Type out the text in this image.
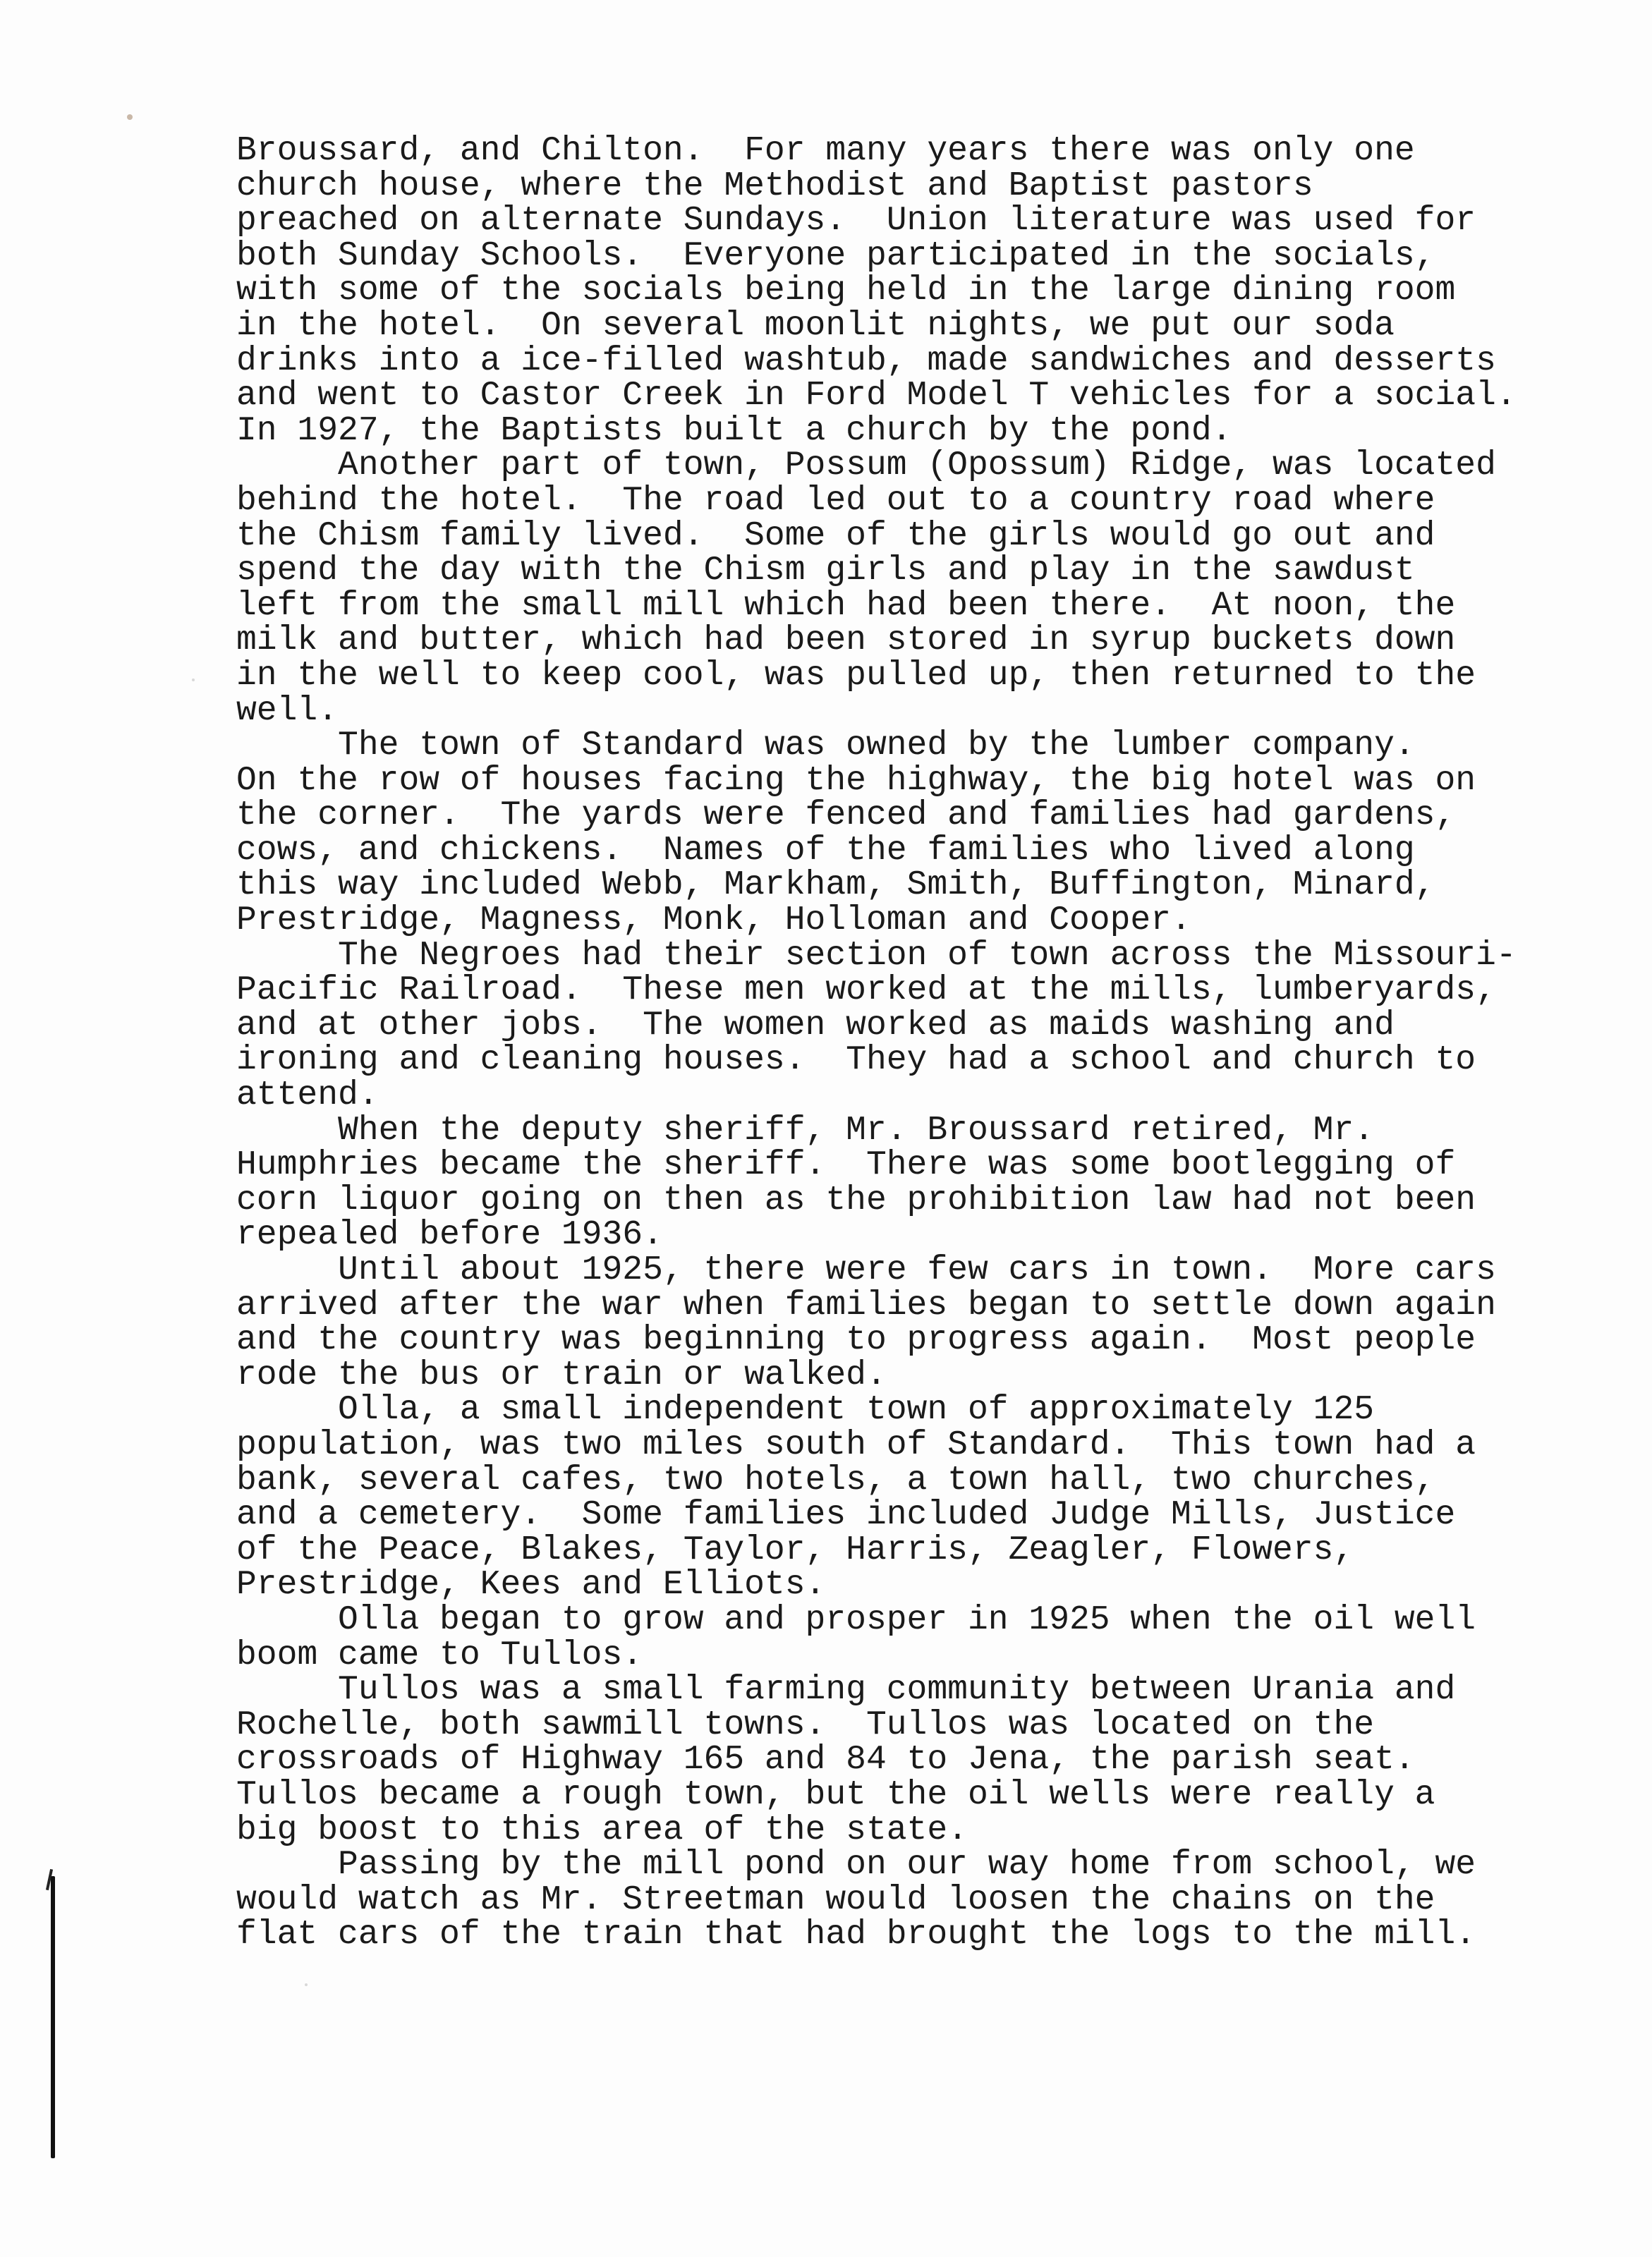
Broussard, and Chilton.  For many years there was only one
church house, where the Methodist and Baptist pastors
preached on alternate Sundays.  Union literature was used for
both Sunday Schools.  Everyone participated in the socials,
with some of the socials being held in the large dining room
in the hotel.  On several moonlit nights, we put our soda
drinks into a ice-filled washtub, made sandwiches and desserts
and went to Castor Creek in Ford Model T vehicles for a social.
In 1927, the Baptists built a church by the pond.
Another part of town, Possum (Opossum) Ridge, was located
behind the hotel.  The road led out to a country road where
the Chism family lived.  Some of the girls would go out and
spend the day with the Chism girls and play in the sawdust
left from the small mill which had been there.  At noon, the
milk and butter, which had been stored in syrup buckets down
in the well to keep cool, was pulled up, then returned to the
well.
The town of Standard was owned by the lumber company.
On the row of houses facing the highway, the big hotel was on
the corner.  The yards were fenced and families had gardens,
cows, and chickens.  Names of the families who lived along
this way included Webb, Markham, Smith, Buffington, Minard,
Prestridge, Magness, Monk, Holloman and Cooper.
The Negroes had their section of town across the Missouri-
Pacific Railroad.  These men worked at the mills, lumberyards,
and at other jobs.  The women worked as maids washing and
ironing and cleaning houses.  They had a school and church to
attend.
When the deputy sheriff, Mr. Broussard retired, Mr.
Humphries became the sheriff.  There was some bootlegging of
corn liquor going on then as the prohibition law had not been
repealed before 1936.
Until about 1925, there were few cars in town.  More cars
arrived after the war when families began to settle down again
and the country was beginning to progress again.  Most people
rode the bus or train or walked.
Olla, a small independent town of approximately 125
population, was two miles south of Standard.  This town had a
bank, several cafes, two hotels, a town hall, two churches,
and a cemetery.  Some families included Judge Mills, Justice
of the Peace, Blakes, Taylor, Harris, Zeagler, Flowers,
Prestridge, Kees and Elliots.
Olla began to grow and prosper in 1925 when the oil well
boom came to Tullos.
Tullos was a small farming community between Urania and
Rochelle, both sawmill towns.  Tullos was located on the
crossroads of Highway 165 and 84 to Jena, the parish seat.
Tullos became a rough town, but the oil wells were really a
big boost to this area of the state.
Passing by the mill pond on our way home from school, we
would watch as Mr. Streetman would loosen the chains on the
flat cars of the train that had brought the logs to the mill.
